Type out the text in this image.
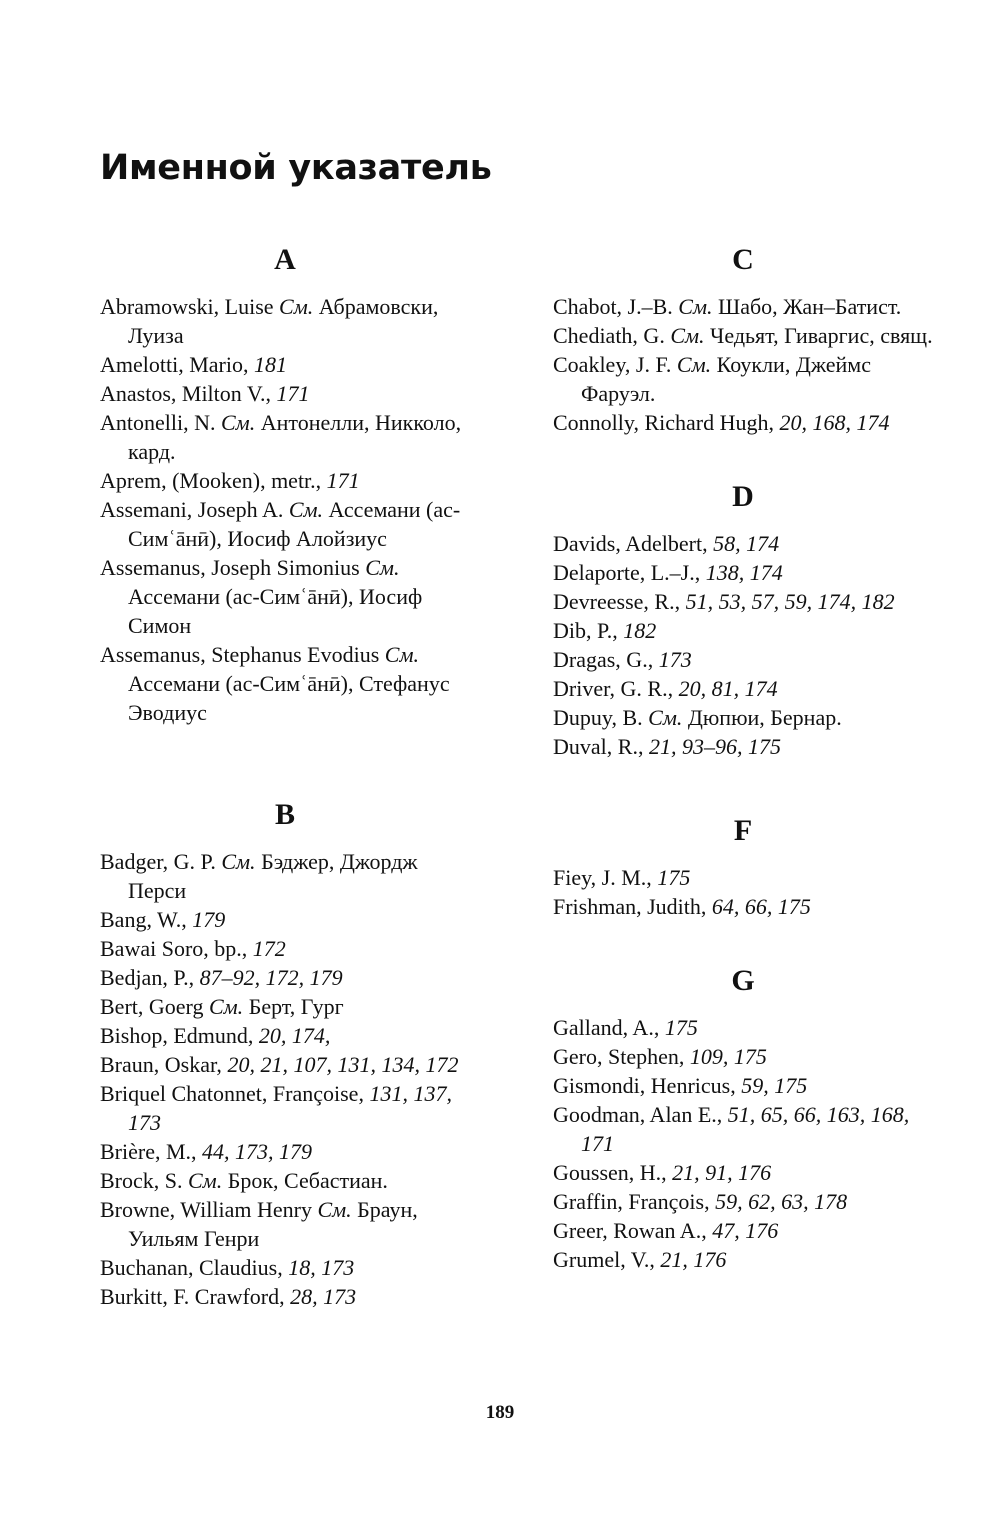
Именной указатель
A
Abramowski, Luise См. Абрамовски, Луиза
Amelotti, Mario, 181
Anastos, Milton V., 171
Antonelli, N. См. Антонелли, Никколо, кард.
Aprem, (Mooken), metr., 171
Assemani, Joseph A. См. Ассемани (ас-Симʿāнӣ), Иосиф Алойзиус
Assemanus, Joseph Simonius См. Ассемани (ас-Симʿāнӣ), Иосиф Симон
Assemanus, Stephanus Evodius См. Ассемани (ас-Симʿāнӣ), Стефанус Эводиус
B
Badger, G. P. См. Бэджер, Джордж Перси
Bang, W., 179
Bawai Soro, bp., 172
Bedjan, P., 87–92, 172, 179
Bert, Goerg См. Берт, Гург
Bishop, Edmund, 20, 174,
Braun, Oskar, 20, 21, 107, 131, 134, 172
Briquel Chatonnet, Françoise, 131, 137, 173
Brière, M., 44, 173, 179
Brock, S. См. Брок, Себастиан.
Browne, William Henry См. Браун, Уильям Генри
Buchanan, Claudius, 18, 173
Burkitt, F. Crawford, 28, 173
C
Chabot, J.–B. См. Шабо, Жан–Батист.
Chediath, G. См. Чедьят, Гиваргис, свящ.
Coakley, J. F. См. Коукли, Джеймс Фаруэл.
Connolly, Richard Hugh, 20, 168, 174
D
Davids, Adelbert, 58, 174
Delaporte, L.–J., 138, 174
Devreesse, R., 51, 53, 57, 59, 174, 182
Dib, P., 182
Dragas, G., 173
Driver, G. R., 20, 81, 174
Dupuy, B. См. Дюпюи, Бернар.
Duval, R., 21, 93–96, 175
F
Fiey, J. M., 175
Frishman, Judith, 64, 66, 175
G
Galland, A., 175
Gero, Stephen, 109, 175
Gismondi, Henricus, 59, 175
Goodman, Alan E., 51, 65, 66, 163, 168, 171
Goussen, H., 21, 91, 176
Graffin, François, 59, 62, 63, 178
Greer, Rowan A., 47, 176
Grumel, V., 21, 176
189
